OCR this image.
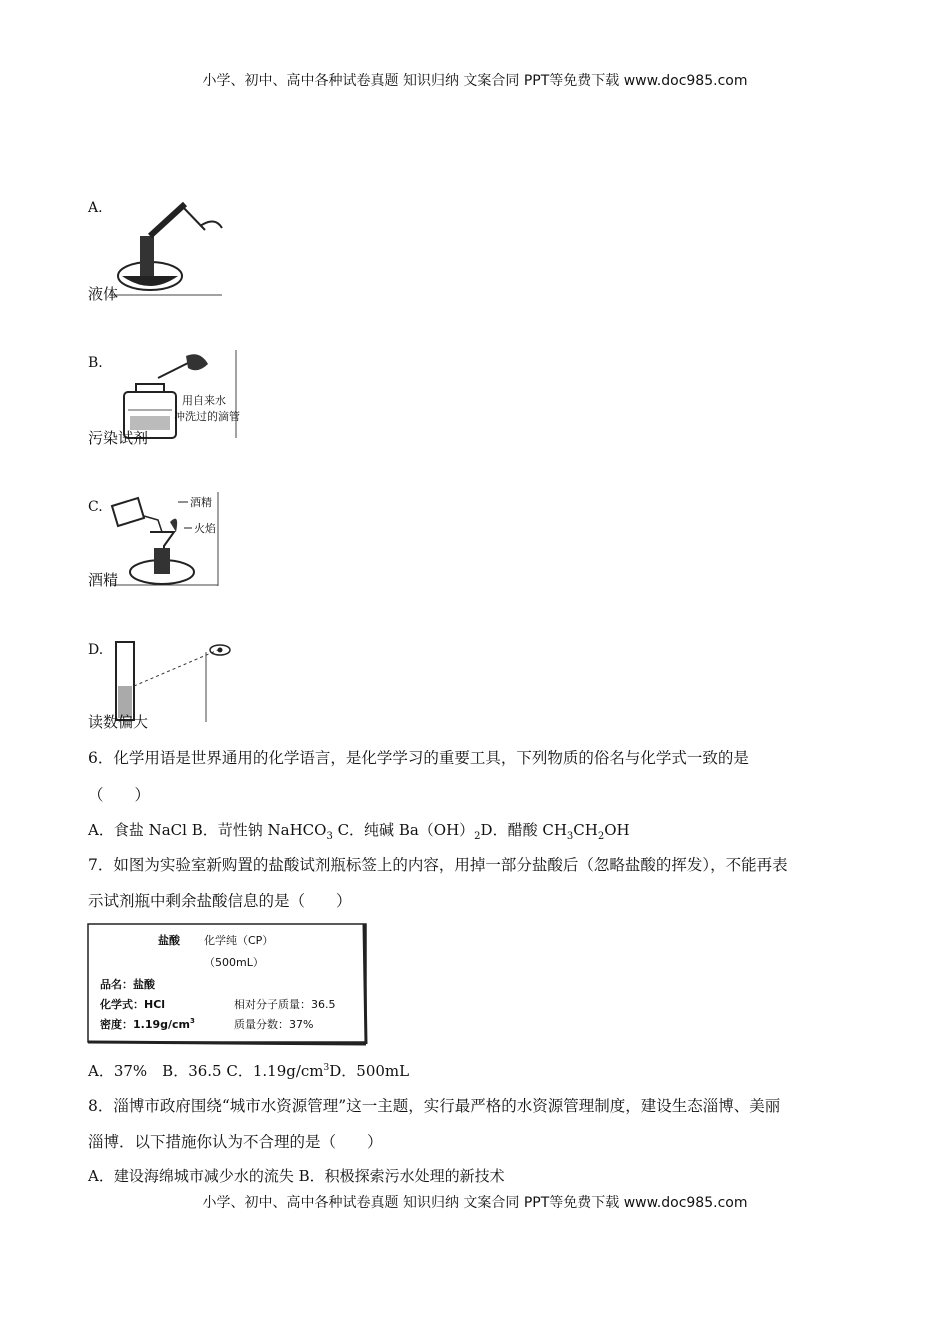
小学、初中、高中各种试卷真题 知识归纳 文案合同 PPT等免费下载 www.doc985.com
A.
液体
B.
用自来水
冲洗过的滴管
污染试剂
C.	酒精
火焰
酒精
D.
读数偏大
6．化学用语是世界通用的化学语言，是化学学习的重要工具，下列物质的俗名与化学式一致的是
（　　）
A．食盐 NaCl B．苛性钠 NaHCO$_3$ C．纯碱 $Ba(OH)_2D$．醋酸 $CH_3CH_2OH$
7．如图为实验室新购置的盐酸试剂瓶标签上的内容，用掉一部分盐酸后（忽略盐酸的挥发），不能再表
示试剂瓶中剩余盐酸信息的是（　　）
盐酸 化学纯（CP）
（500mL）
品名：盐酸
化学式：HCl	相对分子质量：36.5
密度：$1.19g/cm^3$	质量分数：37%
A．37%　B．36.5 C．$1.19g/cm^3D$．500mL
8．淄博市政府围绕“城市水资源管理”这一主题，实行最严格的水资源管理制度，建设生态淄博、美丽
淄博．以下措施你认为不合理的是（　　）
A．建设海绵城市减少水的流失 B．积极探索污水处理的新技术
小学、初中、高中各种试卷真题 知识归纳 文案合同 PPT等免费下载 www.doc985.com
